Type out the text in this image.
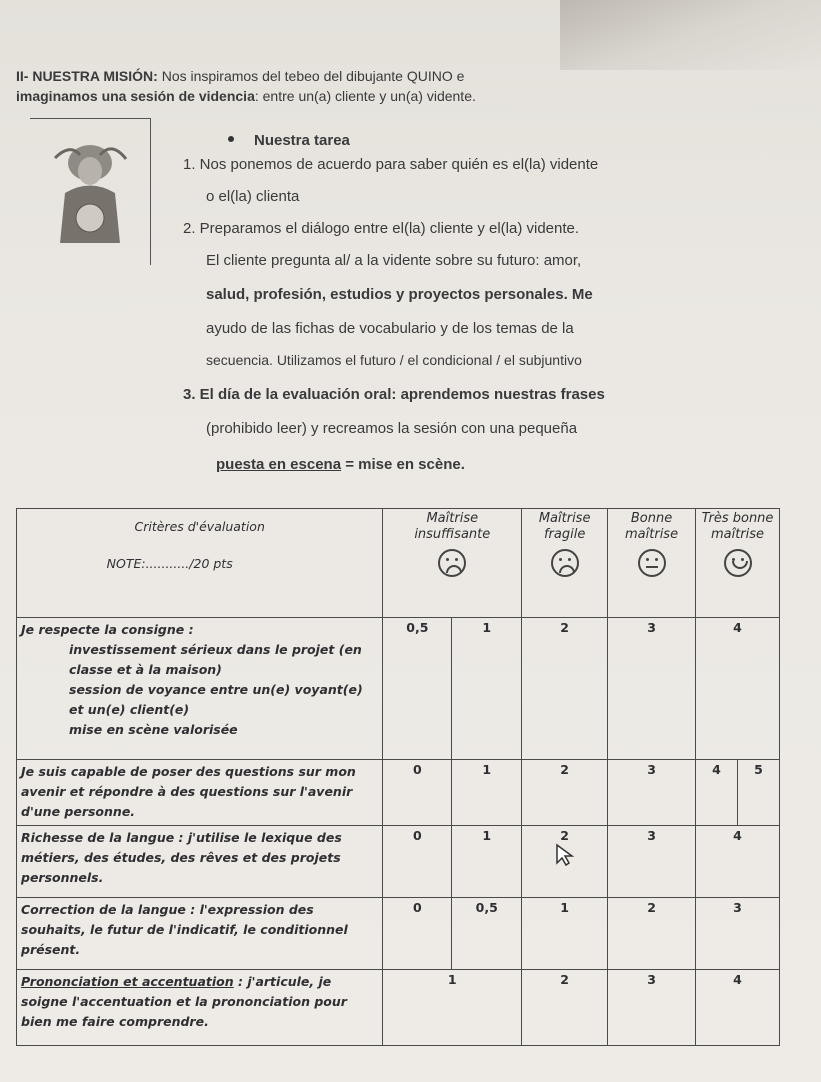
II- NUESTRA MISIÓN: Nos inspiramos del tebeo del dibujante QUINO e
imaginamos una sesión de videncia: entre un(a) cliente y un(a) vidente.
Nuestra tarea
1. Nos ponemos de acuerdo para saber quién es el(la) vidente
o el(la) clienta
2. Preparamos el diálogo entre el(la) cliente y el(la) vidente.
El cliente pregunta al/ a la vidente sobre su futuro: amor,
salud, profesión, estudios y proyectos personales. Me
ayudo de las fichas de vocabulario y de los temas de la
secuencia. Utilizamos el futuro / el condicional / el subjuntivo
3. El día de la evaluación oral: aprendemos nuestras frases
(prohibido leer) y recreamos la sesión con una pequeña
puesta en escena = mise en scène.
Critères d'évaluation
NOTE:.........../20 pts	Maîtrise insuffisante		Maîtrise fragile	Bonne maîtrise	Très bonne maîtrise	

Je respecte la consigne :
investissement sérieux dans le projet (en classe et à la maison)
session de voyance entre un(e) voyant(e) et un(e) client(e)
mise en scène valorisée	0,5	1	2	3	4	
Je suis capable de poser des questions sur mon avenir et répondre à des questions sur l'avenir d'une personne.	0	1	2	3	4	5
Richesse de la langue : j'utilise le lexique des métiers, des études, des rêves et des projets personnels.	0	1	2	3	4	
Correction de la langue : l'expression des souhaits, le futur de l'indicatif, le conditionnel présent.	0	0,5	1	2	3	
Prononciation et accentuation : j'articule, je soigne l'accentuation et la prononciation pour bien me faire comprendre.	1		2	3	4	
